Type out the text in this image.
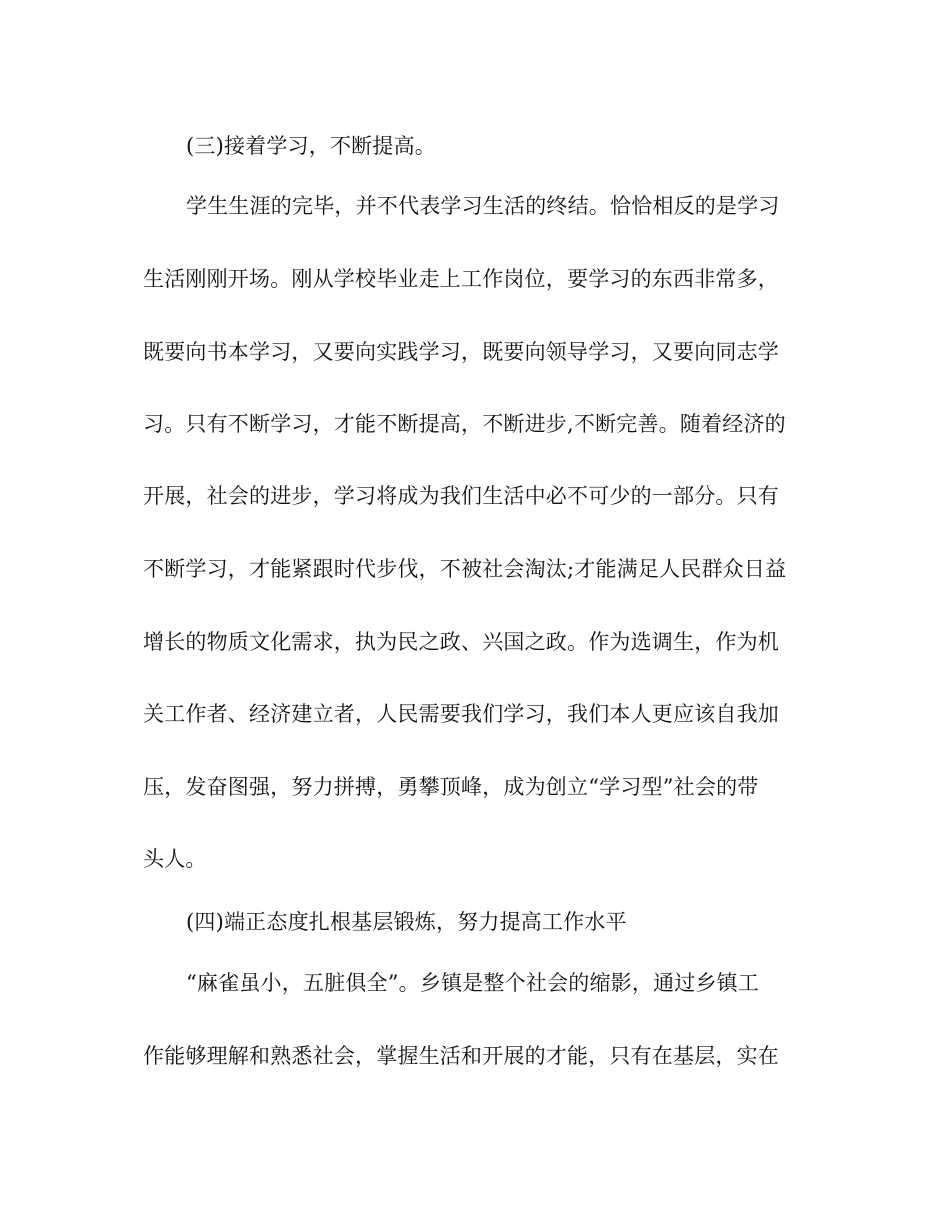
(三)接着学习，不断提高。
学生生涯的完毕，并不代表学习生活的终结。恰恰相反的是学习
生活刚刚开场。刚从学校毕业走上工作岗位，要学习的东西非常多，
既要向书本学习，又要向实践学习，既要向领导学习，又要向同志学
习。只有不断学习，才能不断提高，不断进步,不断完善。随着经济的
开展，社会的进步，学习将成为我们生活中必不可少的一部分。只有
不断学习，才能紧跟时代步伐，不被社会淘汰;才能满足人民群众日益
增长的物质文化需求，执为民之政、兴国之政。作为选调生，作为机
关工作者、经济建立者，人民需要我们学习，我们本人更应该自我加
压，发奋图强，努力拼搏，勇攀顶峰，成为创立“学习型”社会的带
头人。
(四)端正态度扎根基层锻炼，努力提高工作水平
“麻雀虽小，五脏俱全”。乡镇是整个社会的缩影，通过乡镇工
作能够理解和熟悉社会，掌握生活和开展的才能，只有在基层，实在
